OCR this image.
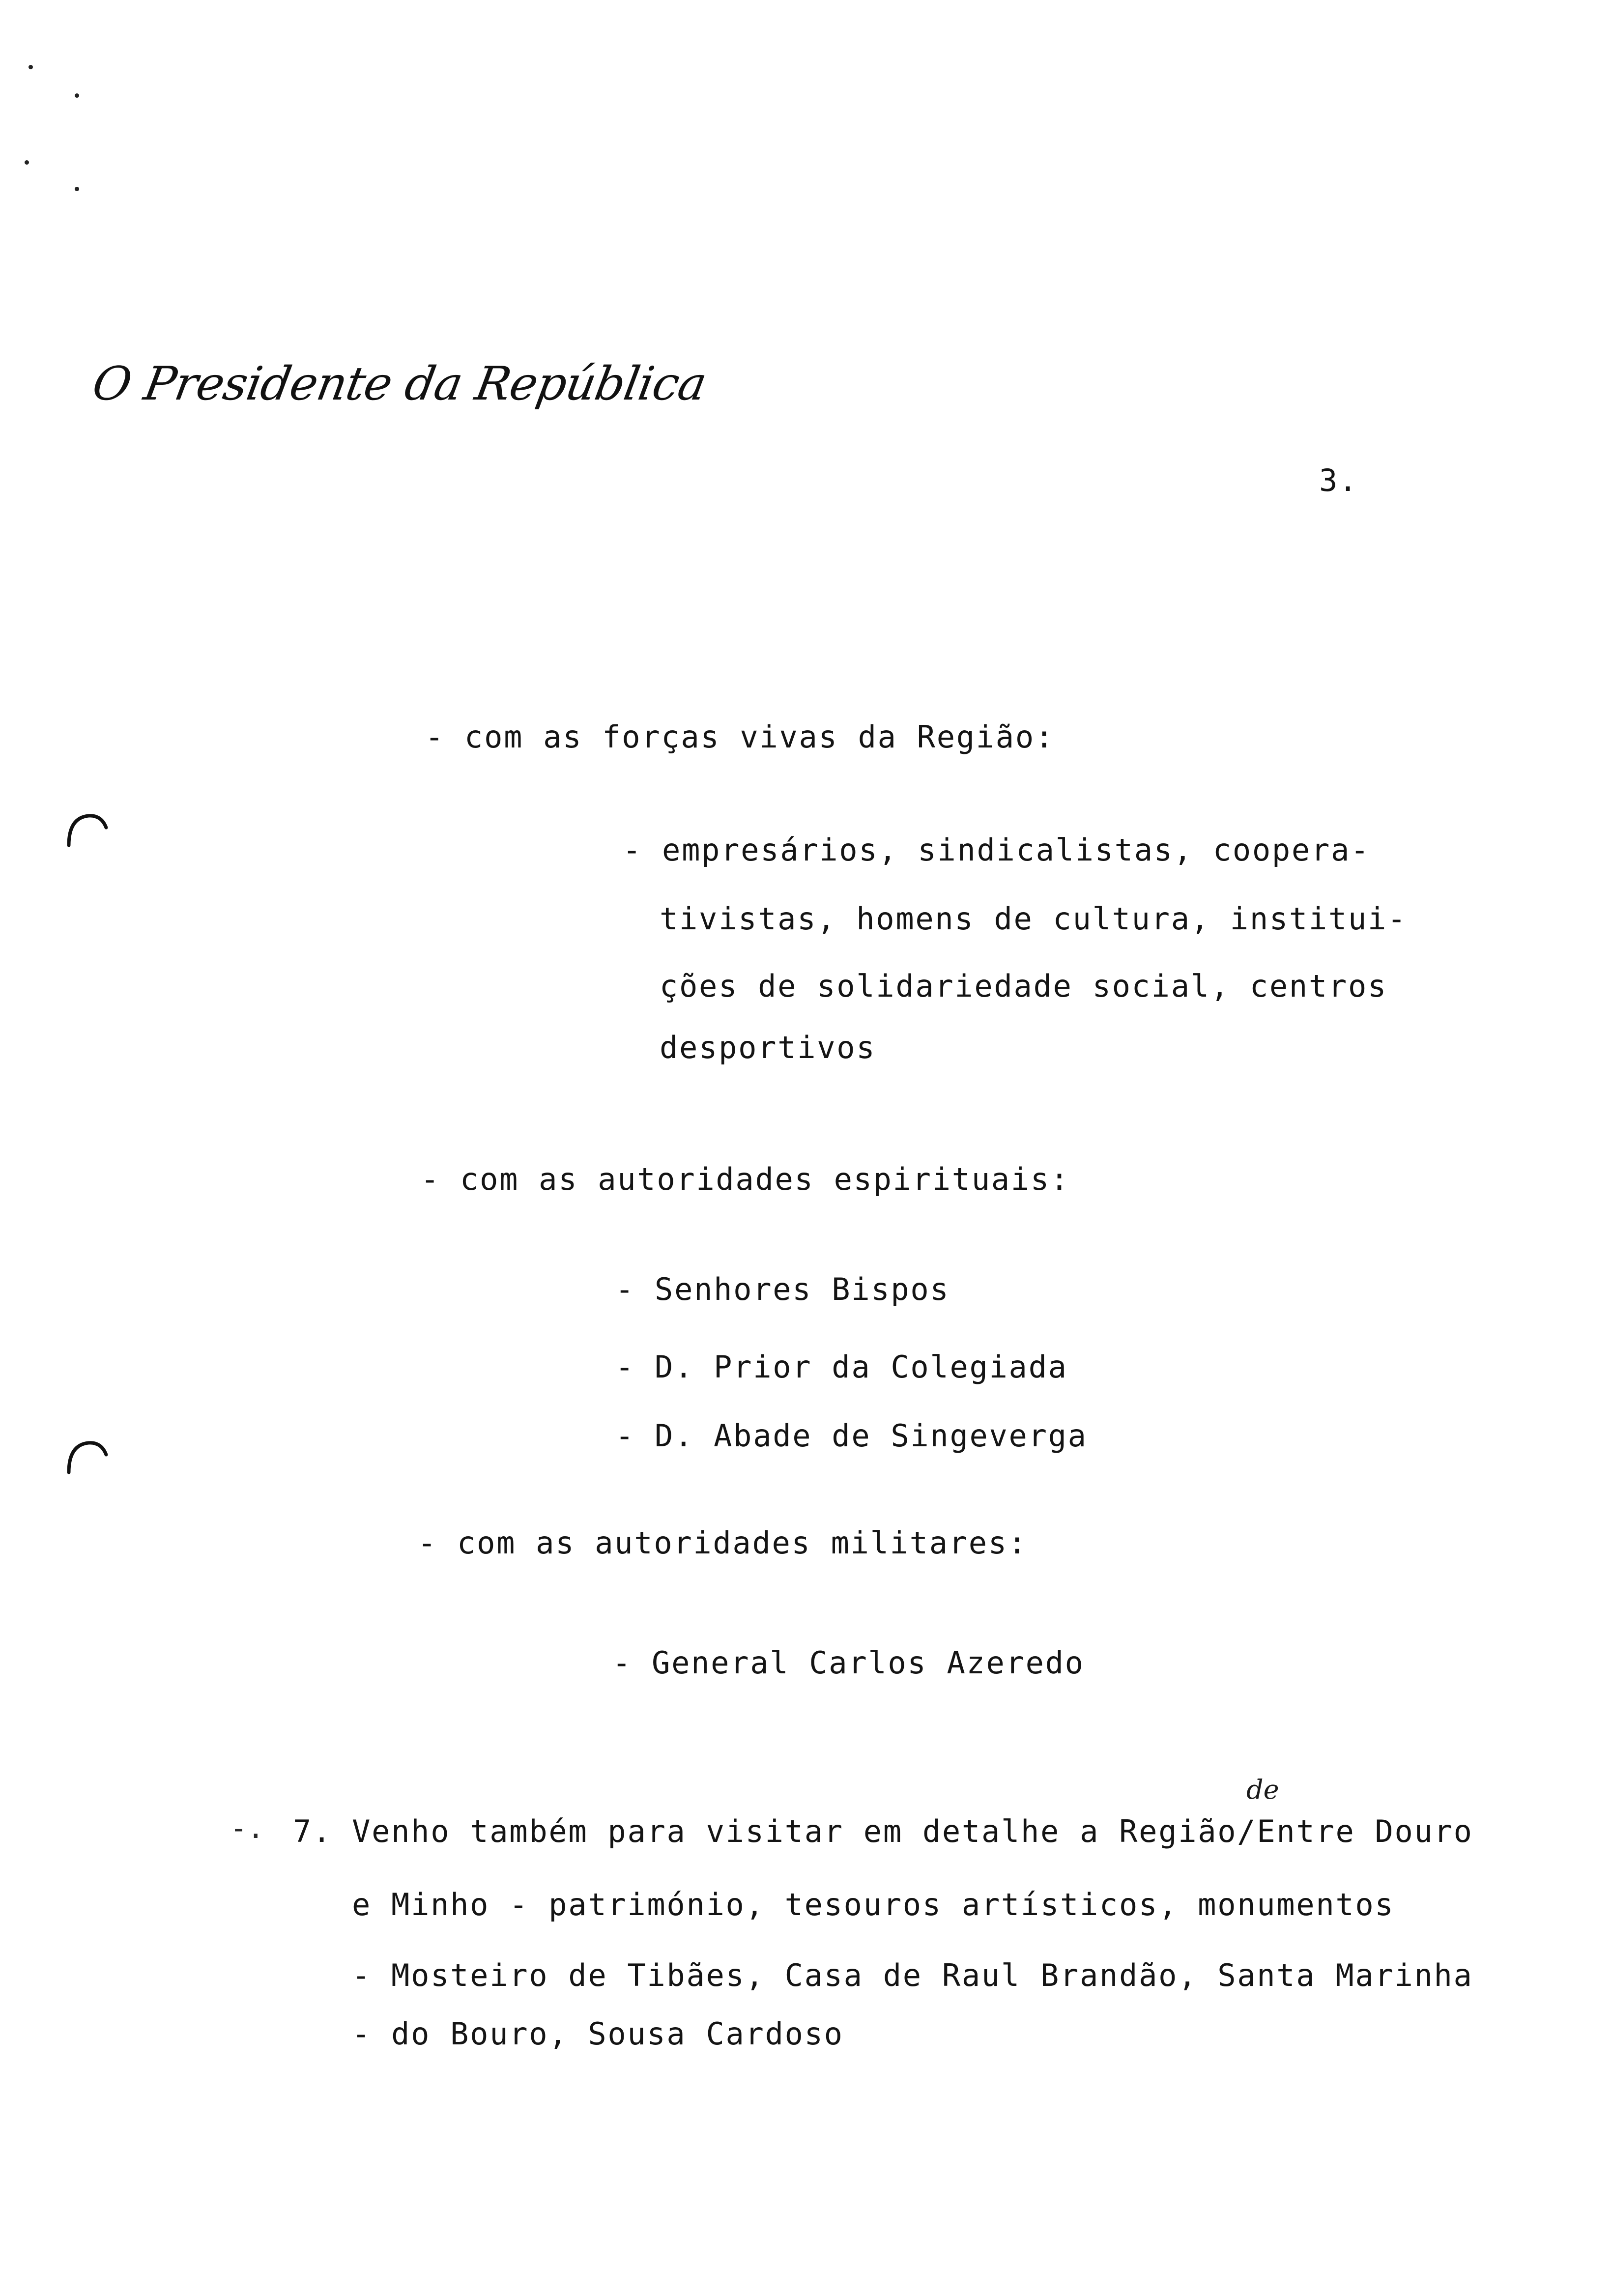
O Presidente da República
3.
- com as forças vivas da Região:
- empresários, sindicalistas, coopera-
tivistas, homens de cultura, institui-
ções de solidariedade social, centros
desportivos
- com as autoridades espirituais:
- Senhores Bispos
- D. Prior da Colegiada
- D. Abade de Singeverga
- com as autoridades militares:
- General Carlos Azeredo
-.
de
7. Venho também para visitar em detalhe a Região/Entre Douro
e Minho - património, tesouros artísticos, monumentos
- Mosteiro de Tibães, Casa de Raul Brandão, Santa Marinha
- do Bouro, Sousa Cardoso
